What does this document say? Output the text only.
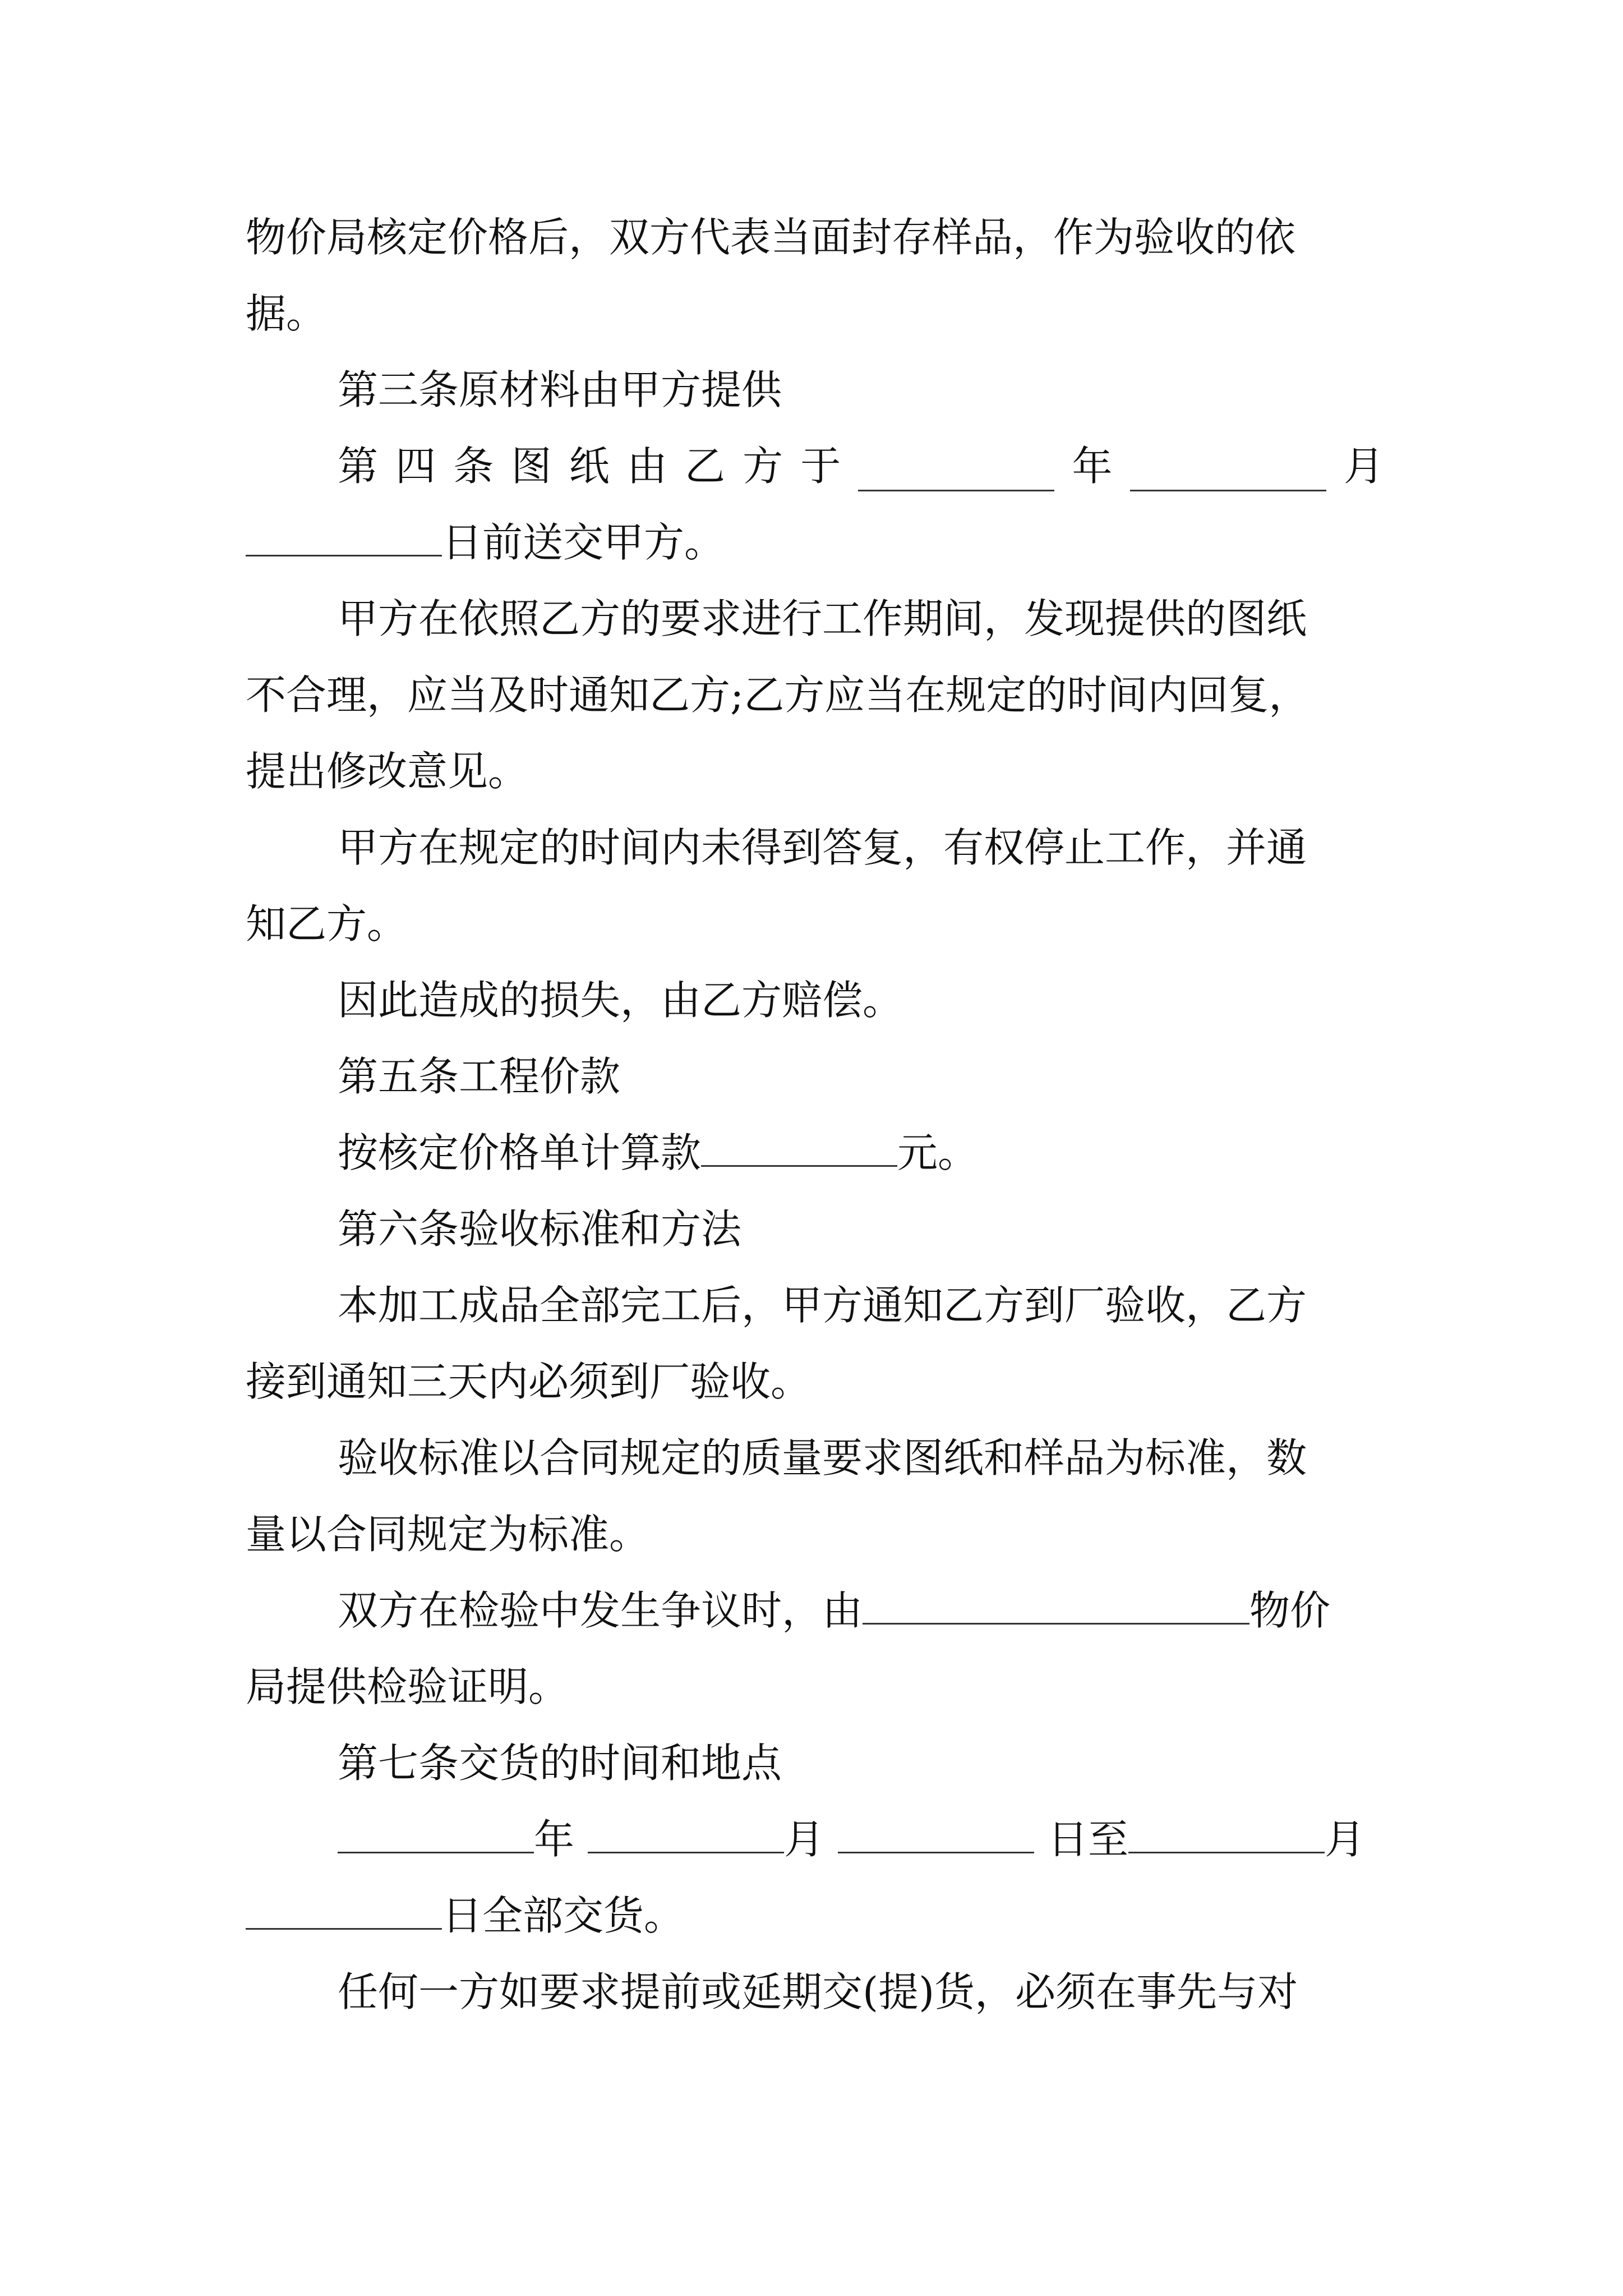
物价局核定价格后，双方代表当面封存样品，作为验收的依
据。
第三条原材料由甲方提供
第 四 条 图 纸 由 乙 方 于	年	月
日前送交甲方。
甲方在依照乙方的要求进行工作期间，发现提供的图纸
不合理，应当及时通知乙方;乙方应当在规定的时间内回复，
提出修改意见。
甲方在规定的时间内未得到答复，有权停止工作，并通
知乙方。
因此造成的损失，由乙方赔偿。
第五条工程价款
按核定价格单计算款	元。
第六条验收标准和方法
本加工成品全部完工后，甲方通知乙方到厂验收，乙方
接到通知三天内必须到厂验收。
验收标准以合同规定的质量要求图纸和样品为标准，数
量以合同规定为标准。
双方在检验中发生争议时，由	物价
局提供检验证明。
第七条交货的时间和地点
年	月	日至	月
日全部交货。
任何一方如要求提前或延期交(提)货，必须在事先与对
